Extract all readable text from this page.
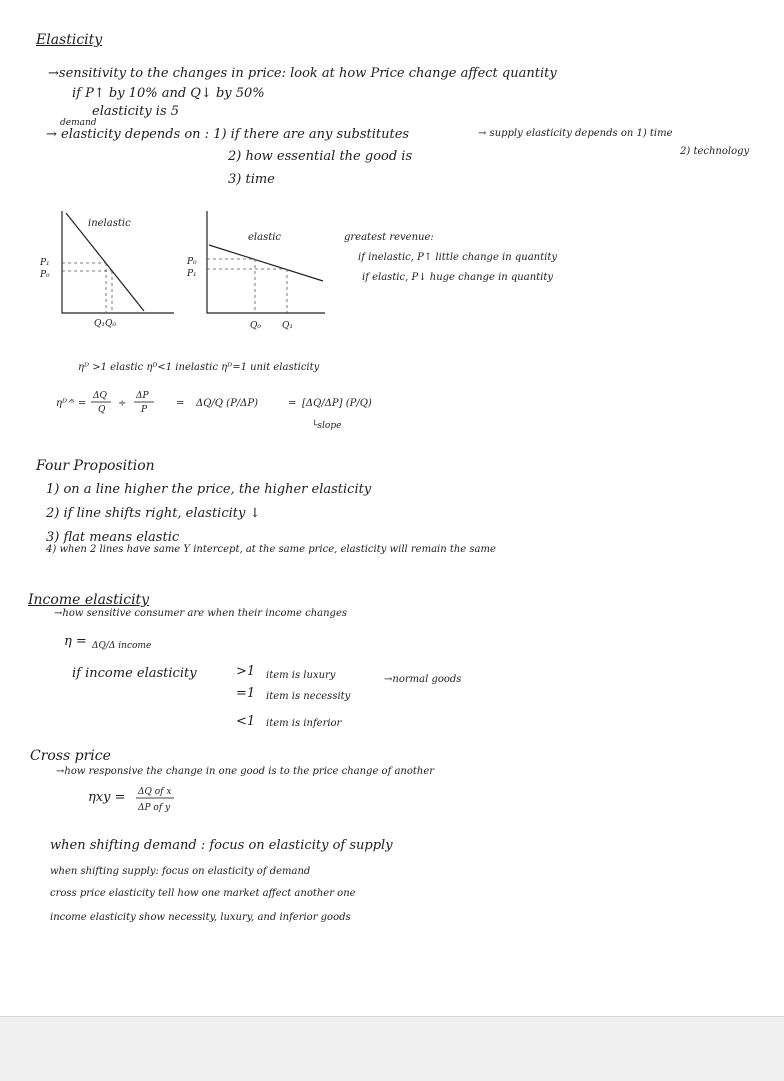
Elasticity
→sensitivity to the changes in price: look at how Price change affect quantity
if P↑ by 10% and Q↓ by 50%
elasticity is 5
demand
→ elasticity depends on : 1) if there are any substitutes
2) how essential the good is
3) time
→ supply elasticity depends on 1) time
2) technology
inelastic
P₁
P₀
Q₁Q₀
elastic
P₀
P₁
Q₀ Q₁
greatest revenue:
if inelastic, P↑ little change in quantity
if elastic, P↓ huge change in quantity
ηᴰ >1 elastic ηᴰ<1 inelastic ηᴰ=1 unit elasticity
ηᴰᐟˢ =
ΔQ
Q
÷
ΔP
P
= ΔQ/Q (P/ΔP)	= [ΔQ/ΔP] (P/Q)
└slope
Four Proposition
1) on a line higher the price, the higher elasticity
2) if line shifts right, elasticity ↓
3) flat means elastic
4) when 2 lines have same Y intercept, at the same price, elasticity will remain the same
Income elasticity
→how sensitive consumer are when their income changes
η = ΔQ/Δ income
if income elasticity	>1 item is luxury	→normal goods
=1 item is necessity
<1 item is inferior
Cross price
→how responsive the change in one good is to the price change of another
ηxy = ΔQ of x
ΔP of y
when shifting demand : focus on elasticity of supply
when shifting supply: focus on elasticity of demand
cross price elasticity tell how one market affect another one
income elasticity show necessity, luxury, and inferior goods
